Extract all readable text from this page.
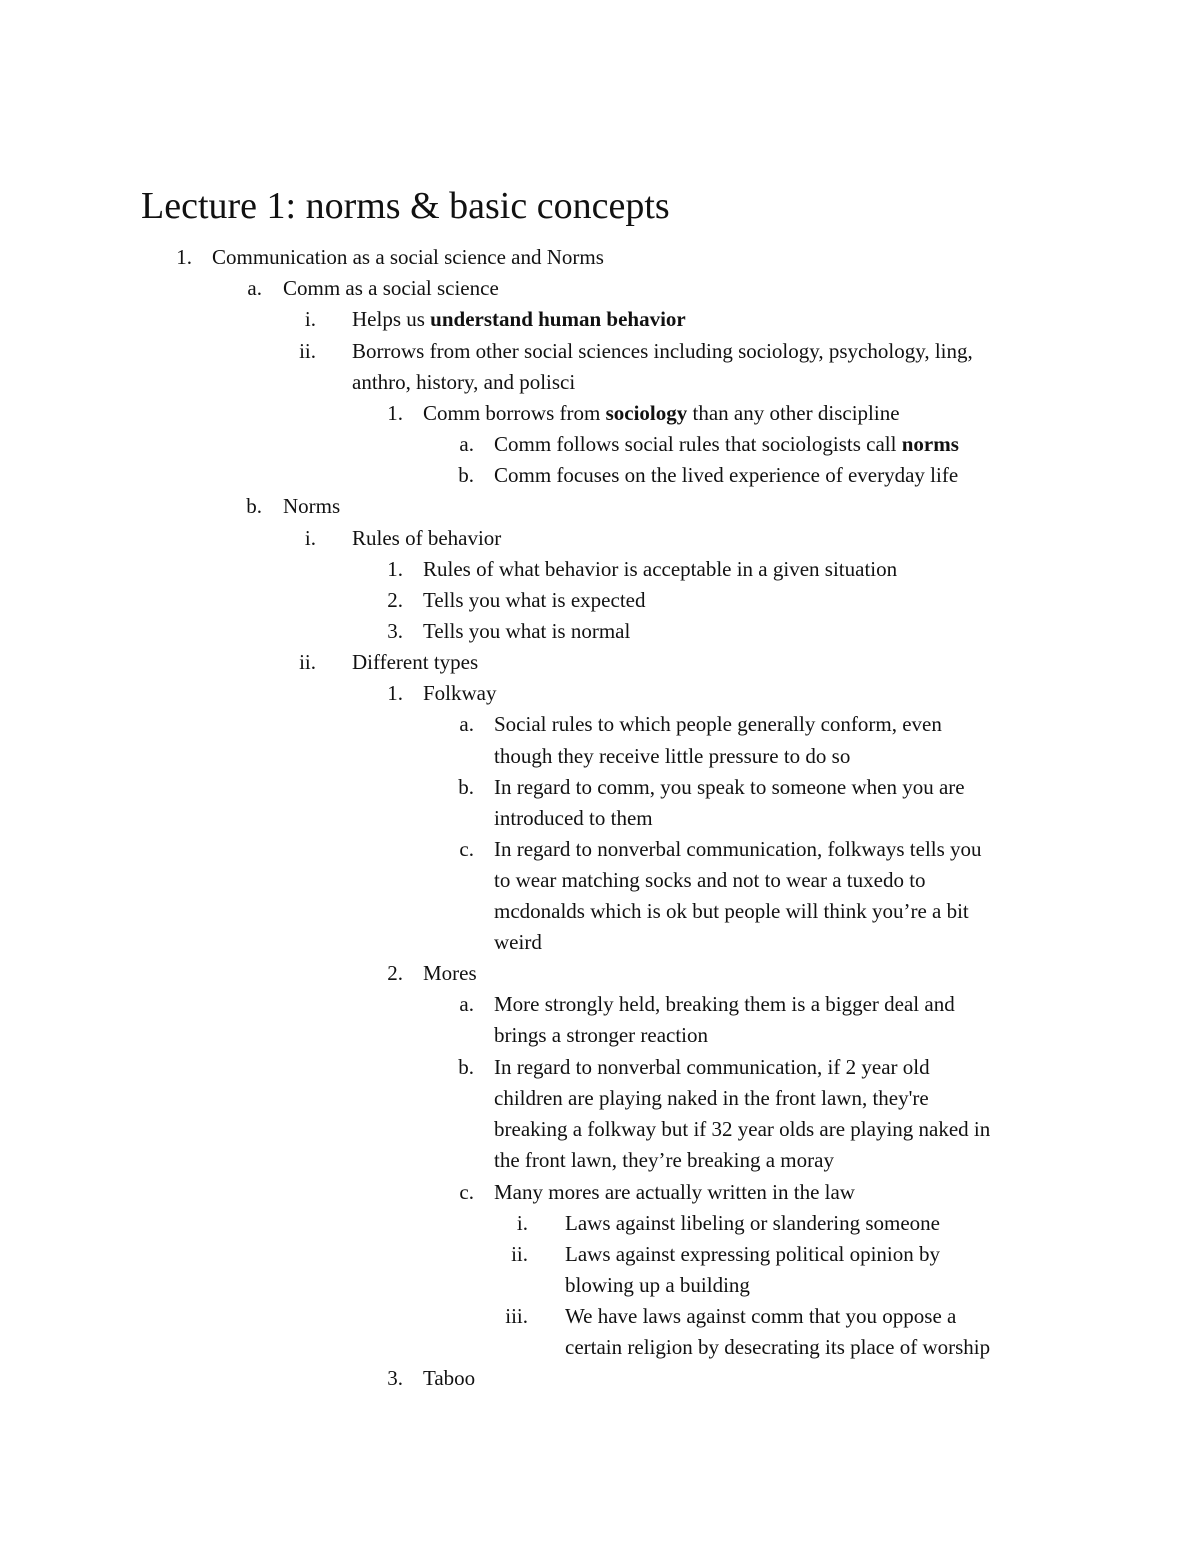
Lecture 1: norms & basic concepts
1. Communication as a social science and Norms
a. Comm as a social science
i. Helps us understand human behavior
ii. Borrows from other social sciences including sociology, psychology, ling,
anthro, history, and polisci
1. Comm borrows from sociology than any other discipline
a. Comm follows social rules that sociologists call norms
b. Comm focuses on the lived experience of everyday life
b. Norms
i. Rules of behavior
1. Rules of what behavior is acceptable in a given situation
2. Tells you what is expected
3. Tells you what is normal
ii. Different types
1. Folkway
a. Social rules to which people generally conform, even
though they receive little pressure to do so
b. In regard to comm, you speak to someone when you are
introduced to them
c. In regard to nonverbal communication, folkways tells you
to wear matching socks and not to wear a tuxedo to
mcdonalds which is ok but people will think you’re a bit
weird
2. Mores
a. More strongly held, breaking them is a bigger deal and
brings a stronger reaction
b. In regard to nonverbal communication, if 2 year old
children are playing naked in the front lawn, they're
breaking a folkway but if 32 year olds are playing naked in
the front lawn, they’re breaking a moray
c. Many mores are actually written in the law
i. Laws against libeling or slandering someone
ii. Laws against expressing political opinion by
blowing up a building
iii. We have laws against comm that you oppose a
certain religion by desecrating its place of worship
3. Taboo
